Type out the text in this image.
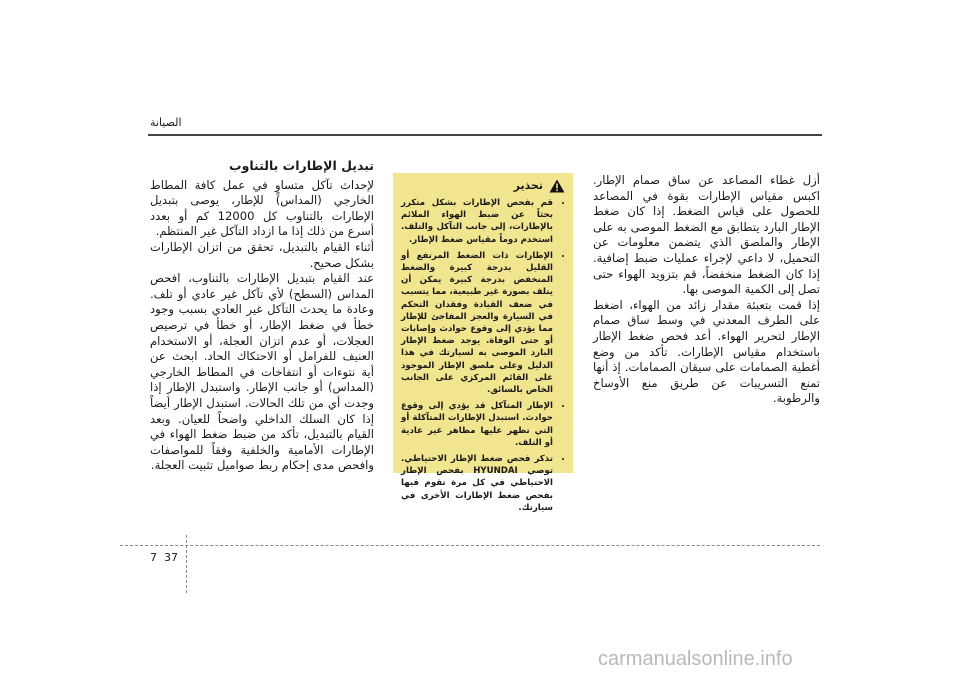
الصيانة

أزل غطاء المصاعد عن ساق صمام الإطار. اكبس مقياس الإطارات بقوة في المصاعد للحصول على قياس الضغط. إذا كان ضغط الإطار البارد يتطابق مع الضغط الموصى به على الإطار والملصق الذي يتضمن معلومات عن التحميل، لا داعي لإجراء عمليات ضبط إضافية. إذا كان الضغط منخفضاً، قم بتزويد الهواء حتى تصل إلى الكمية الموصى بها.

إذا قمت بتعبئة مقدار زائد من الهواء، اضغط على الطرف المعدني في وسط ساق صمام الإطار لتحرير الهواء. أعد فحص ضغط الإطار باستخدام مقياس الإطارات. تأكد من وضع أغطية الصمامات على سيقان الصمامات. إذ أنها تمنع التسريبات عن طريق منع الأوساخ والرطوبة.

تحذير
• قم بفحص الإطارات بشكل متكرر بحثاً عن ضبط الهواء الملائم بالإطارات، إلى جانب التآكل والتلف. استخدم دوماً مقياس ضغط الإطار.
• الإطارات ذات الضغط المرتفع أو القليل بدرجة كبيرة والضغط المنخفض بدرجة كبيرة يمكن أن يتلف بصورة غير طبيعية، مما يتسبب في ضعف القيادة وفقدان التحكم في السيارة والعجز المفاجئ للإطار مما يؤدي إلى وقوع حوادث وإصابات أو حتى الوفاة. يوجد ضغط الإطار البارد الموصى به لسيارتك في هذا الدليل وعلى ملصق الإطار الموجود على القائم المركزي على الجانب الخاص بالسائق.
• الإطار المتآكل قد يؤدي إلى وقوع حوادث. استبدل الإطارات المتآكلة أو التي تظهر عليها مظاهر غير عادية أو التلف.
• تذكر فحص ضغط الإطار الاحتياطي. توصي HYUNDAI بفحص الإطار الاحتياطي في كل مرة تقوم فيها بفحص ضغط الإطارات الأخرى في سيارتك.
تبديل الإطارات بالتناوب

لإحداث تآكل متساوٍ في عمل كافة المطاط الخارجي (المداس) للإطار، يوصى بتبديل الإطارات بالتناوب كل 12000 كم أو بعدد أسرع من ذلك إذا ما ازداد التآكل غير المنتظم.

أثناء القيام بالتبديل، تحقق من اتزان الإطارات بشكل صحيح.

عند القيام بتبديل الإطارات بالتناوب، افحص المداس (السطح) لأي تآكل غير عادي أو تلف. وعادة ما يحدث التآكل غير العادي بسبب وجود خطأ في ضغط الإطار، أو خطأ في ترصيص العجلات، أو عدم اتزان العجلة، أو الاستخدام العنيف للفرامل أو الاحتكاك الحاد. ابحث عن أية نتوءات أو انتفاخات في المطاط الخارجي (المداس) أو جانب الإطار. واستبدل الإطار إذا وجدت أي من تلك الحالات. استبدل الإطار أيضاً إذا كان السلك الداخلي واضحاً للعيان. وبعد القيام بالتبديل، تأكد من ضبط ضغط الهواء في الإطارات الأمامية والخلفية وفقاً للمواصفات وافحص مدى إحكام ربط صواميل تثبيت العجلة.

7 37
carmanualsonline.info
